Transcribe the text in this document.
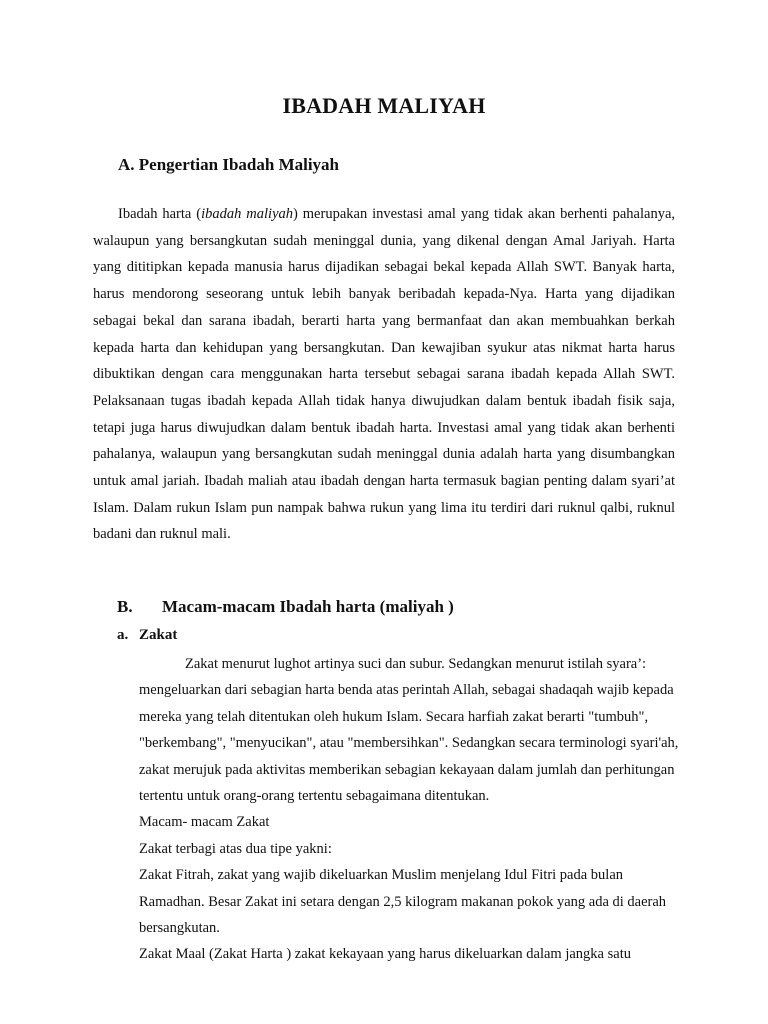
IBADAH MALIYAH
A. Pengertian Ibadah Maliyah

Ibadah harta (ibadah maliyah) merupakan investasi amal yang tidak akan berhenti pahalanya, walaupun yang bersangkutan sudah meninggal dunia, yang dikenal dengan Amal Jariyah. Harta yang dititipkan kepada manusia harus dijadikan sebagai bekal kepada Allah SWT. Banyak harta, harus mendorong seseorang untuk lebih banyak beribadah kepada-Nya. Harta yang dijadikan sebagai bekal dan sarana ibadah, berarti harta yang bermanfaat dan akan membuahkan berkah kepada harta dan kehidupan yang bersangkutan. Dan kewajiban syukur atas nikmat harta harus dibuktikan dengan cara menggunakan harta tersebut sebagai sarana ibadah kepada Allah SWT. Pelaksanaan tugas ibadah kepada Allah tidak hanya diwujudkan dalam bentuk ibadah fisik saja, tetapi juga harus diwujudkan dalam bentuk ibadah harta. Investasi amal yang tidak akan berhenti pahalanya, walaupun yang bersangkutan sudah meninggal dunia adalah harta yang disumbangkan untuk amal jariah. Ibadah maliah atau ibadah dengan harta termasuk bagian penting dalam syari’at Islam. Dalam rukun Islam pun nampak bahwa rukun yang lima itu terdiri dari ruknul qalbi, ruknul badani dan ruknul mali.

B. Macam-macam Ibadah harta (maliyah )
a. Zakat

Zakat menurut lughot artinya suci dan subur. Sedangkan menurut istilah syara’: mengeluarkan dari sebagian harta benda atas perintah Allah, sebagai shadaqah wajib kepada mereka yang telah ditentukan oleh hukum Islam. Secara harfiah zakat berarti "tumbuh", "berkembang", "menyucikan", atau "membersihkan". Sedangkan secara terminologi syari'ah, zakat merujuk pada aktivitas memberikan sebagian kekayaan dalam jumlah dan perhitungan tertentu untuk orang-orang tertentu sebagaimana ditentukan.

Macam- macam Zakat

Zakat terbagi atas dua tipe yakni:

Zakat Fitrah, zakat yang wajib dikeluarkan Muslim menjelang Idul Fitri pada bulan Ramadhan. Besar Zakat ini setara dengan 2,5 kilogram makanan pokok yang ada di daerah bersangkutan.

Zakat Maal (Zakat Harta ) zakat kekayaan yang harus dikeluarkan dalam jangka satu
